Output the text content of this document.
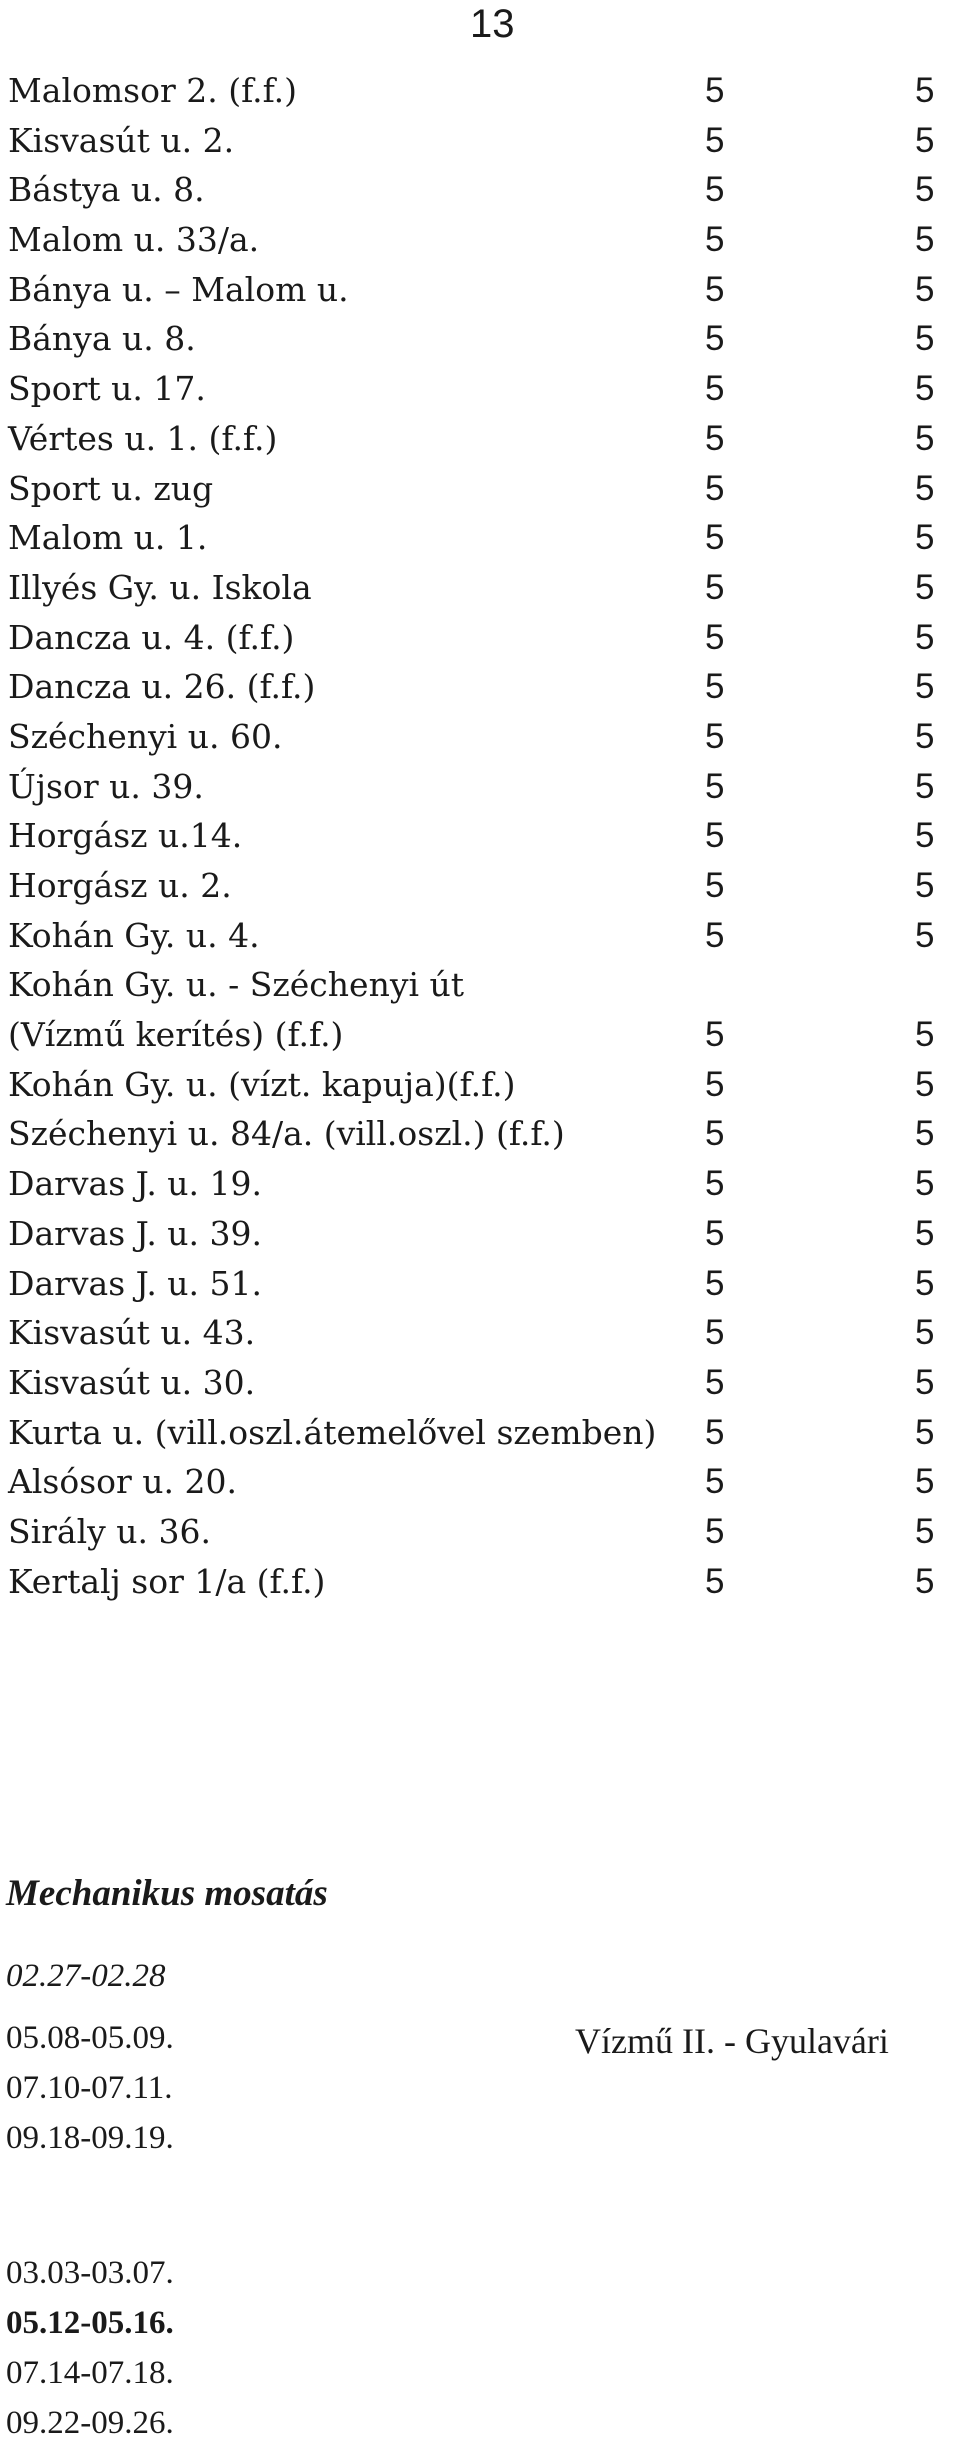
13
Malomsor 2. (f.f.)	5	5
Kisvasút u. 2.	5	5
Bástya u. 8.	5	5
Malom u. 33/a.	5	5
Bánya u. – Malom u.	5	5
Bánya u. 8.	5	5
Sport u. 17.	5	5
Vértes u. 1. (f.f.)	5	5
Sport u. zug	5	5
Malom u. 1.	5	5
Illyés Gy. u. Iskola	5	5
Dancza u. 4. (f.f.)	5	5
Dancza u. 26. (f.f.)	5	5
Széchenyi u. 60.	5	5
Újsor u. 39.	5	5
Horgász u.14.	5	5
Horgász u. 2.	5	5
Kohán Gy. u. 4.	5	5
Kohán Gy. u. - Széchenyi út
(Vízmű kerítés) (f.f.)	5	5
Kohán Gy. u. (vízt. kapuja)(f.f.)	5	5
Széchenyi u. 84/a. (vill.oszl.) (f.f.)	5	5
Darvas J. u. 19.	5	5
Darvas J. u. 39.	5	5
Darvas J. u. 51.	5	5
Kisvasút u. 43.	5	5
Kisvasút u. 30.	5	5
Kurta u. (vill.oszl.átemelővel szemben) 5	5
Alsósor u. 20.	5	5
Sirály u. 36.	5	5
Kertalj sor 1/a (f.f.)	5	5
Mechanikus mosatás
02.27-02.28
05.08-05.09.
07.10-07.11.
09.18-09.19.
Vízmű II. - Gyulavári
03.03-03.07.
05.12-05.16.
07.14-07.18.
09.22-09.26.
